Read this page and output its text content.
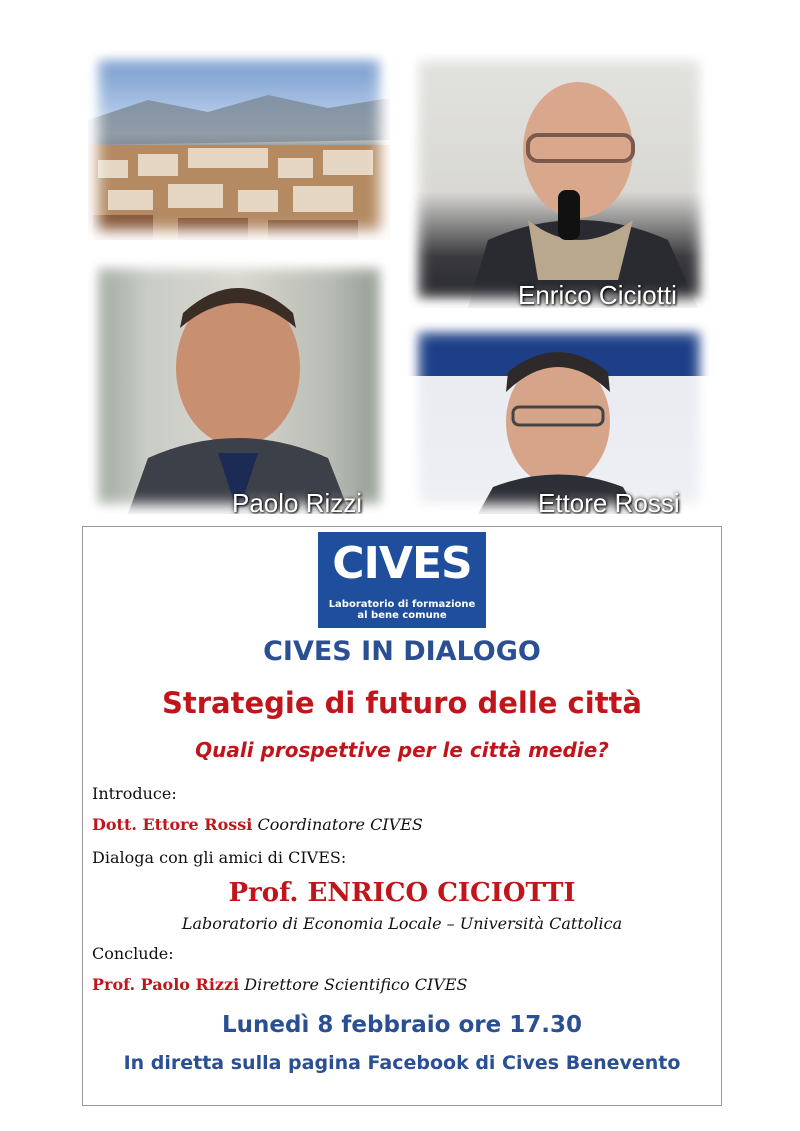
Enrico Ciciotti
Paolo Rizzi	Ettore Rossi
CIVES
Laboratorio di formazione
al bene comune
CIVES IN DIALOGO
Strategie di futuro delle città
Quali prospettive per le città medie?
Introduce:
Dott. Ettore Rossi Coordinatore CIVES
Dialoga con gli amici di CIVES:
Prof. ENRICO CICIOTTI
Laboratorio di Economia Locale – Università Cattolica
Conclude:
Prof. Paolo Rizzi Direttore Scientifico CIVES
Lunedì 8 febbraio ore 17.30
In diretta sulla pagina Facebook di Cives Benevento
